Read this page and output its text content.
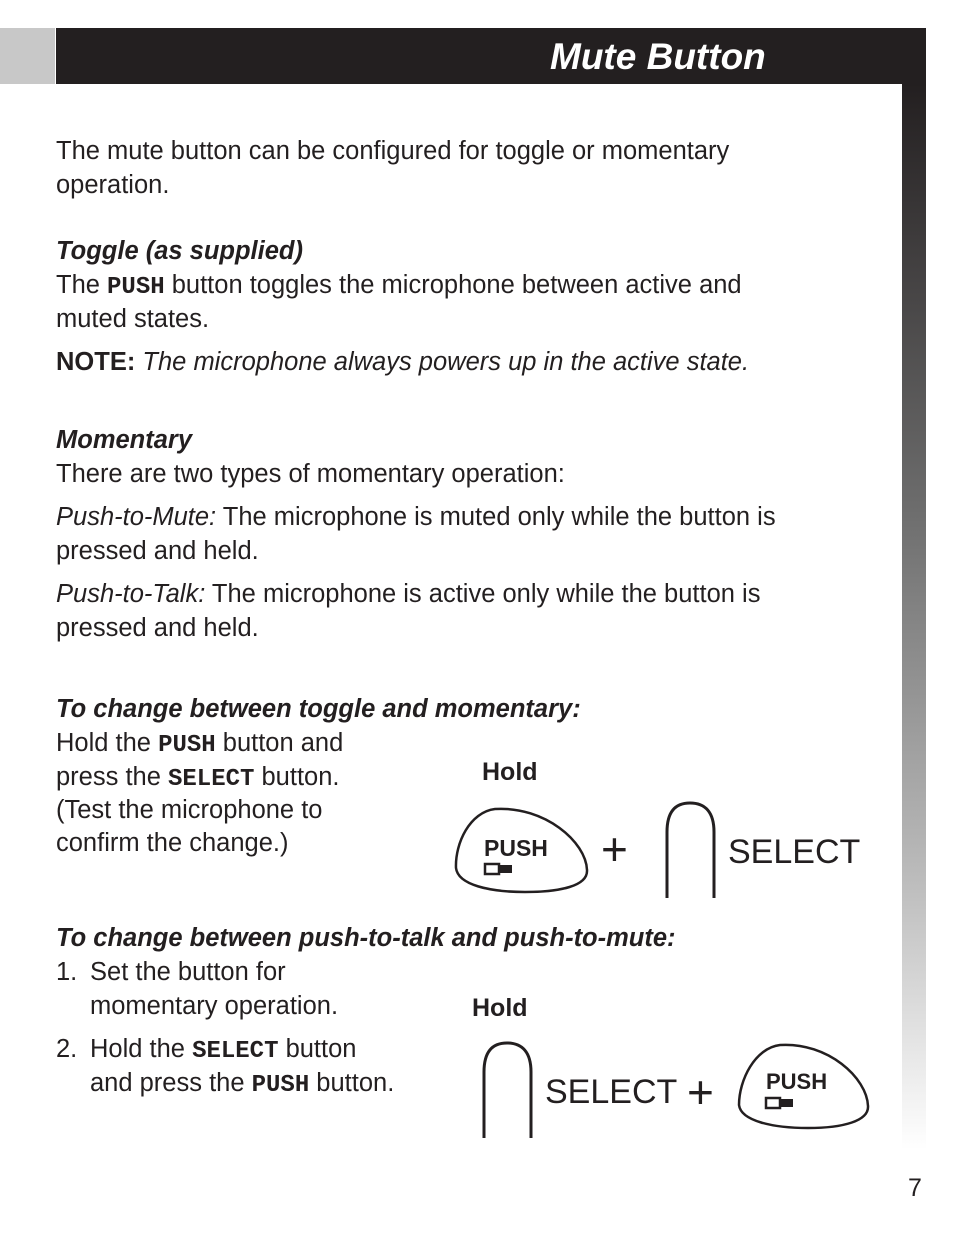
Mute Button
The mute button can be configured for toggle or momentary
operation.
Toggle (as supplied)
The PUSH button toggles the microphone between active and
muted states.
NOTE: The microphone always powers up in the active state.
Momentary
There are two types of momentary operation:
Push-to-Mute: The microphone is muted only while the button is
pressed and held.
Push-to-Talk: The microphone is active only while the button is
pressed and held.
To change between toggle and momentary:
Hold the PUSH button and
press the SELECT button.
(Test the microphone to
confirm the change.)
Hold
PUSH +	SELECT
To change between push-to-talk and push-to-mute:
1. Set the button for
momentary operation.
2. Hold the SELECT button
and press the PUSH button.
Hold
SELECT + PUSH
7
